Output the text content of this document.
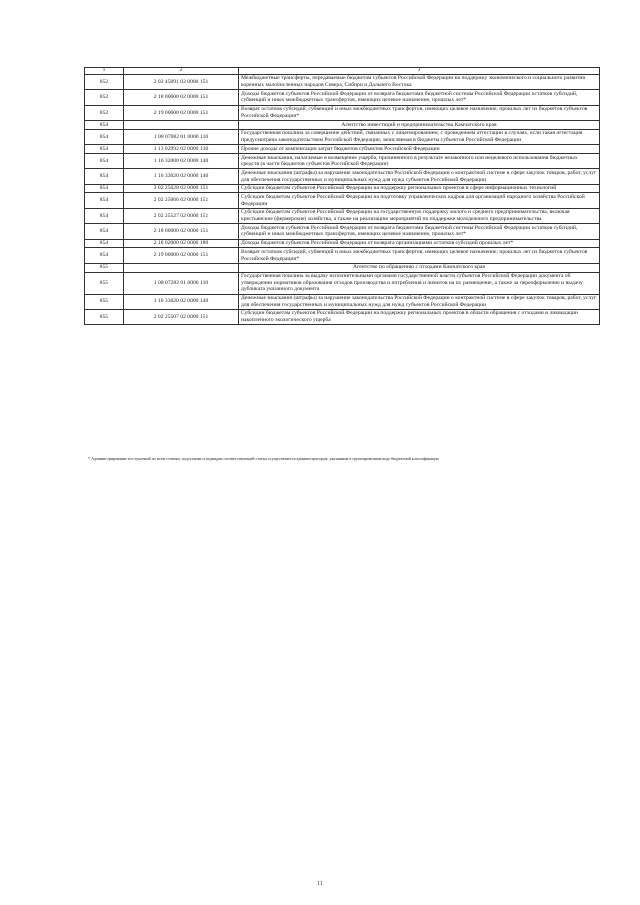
1	2	3
852	2 02 45091 02 0000 151	Межбюджетные трансферты, передаваемые бюджетам субъектов Российской Федерации на поддержку экономического и социального развития коренных малочисленных народов Севера, Сибири и Дальнего Востока
852	2 18 00000 02 0000 151	Доходы бюджетов субъектов Российской Федерации от возврата бюджетами бюджетной системы Российской Федерации остатков субсидий, субвенций и иных межбюджетных трансфертов, имеющих целевое назначение, прошлых лет*
852	2 19 00000 02 0000 151	Возврат остатков субсидий, субвенций и иных межбюджетных трансфертов, имеющих целевое назначение, прошлых лет из бюджетов субъектов Российской Федерации*
854		Агентство инвестиций и предпринимательства Камчатского края
854	1 08 07082 01 0000 110	Государственная пошлина за совершение действий, связанных с лицензированием, с проведением аттестации в случаях, если такая аттестация предусмотрена законодательством Российской Федерации, зачисляемая в бюджеты субъектов Российской Федерации
854	1 13 02992 02 0000 130	Прочие доходы от компенсации затрат бюджетов субъектов Российской Федерации
854	1 16 32000 02 0000 140	Денежные взыскания, налагаемые в возмещение ущерба, причиненного в результате незаконного или нецелевого использования бюджетных средств (в части бюджетов субъектов Российской Федерации)
854	1 16 33020 02 0000 140	Денежные взыскания (штрафы) за нарушение законодательства Российской Федерации о контрактной системе в сфере закупок товаров, работ, услуг для обеспечения государственных и муниципальных нужд для нужд субъектов Российской Федерации
854	2 02 25028 02 0000 151	Субсидии бюджетам субъектов Российской Федерации на поддержку региональных проектов в сфере информационных технологий
854	2 02 25066 02 0000 151	Субсидии бюджетам субъектов Российской Федерации на подготовку управленческих кадров для организаций народного хозяйства Российской Федерации
854	2 02 25527 02 0000 151	Субсидии бюджетам субъектов Российской Федерации на государственную поддержку малого и среднего предпринимательства, включая крестьянские (фермерские) хозяйства, а также на реализацию мероприятий по поддержке молодежного предпринимательства
854	2 18 00000 02 0000 151	Доходы бюджетов субъектов Российской Федерации от возврата бюджетами бюджетной системы Российской Федерации остатков субсидий, субвенций и иных межбюджетных трансфертов, имеющих целевое назначение, прошлых лет*
854	2 18 02000 02 0000 180	Доходы бюджетов субъектов Российской Федерации от возврата организациями остатков субсидий прошлых лет*
854	2 19 00000 02 0000 151	Возврат остатков субсидий, субвенций и иных межбюджетных трансфертов, имеющих целевое назначение, прошлых лет из бюджетов субъектов Российской Федерации*
855		Агентство по обращению с отходами Камчатского края
855	1 08 07282 01 0000 110	Государственная пошлина за выдачу исполнительными органами государственной власти субъектов Российской Федерации документа об утверждении нормативов образования отходов производства и потребления и лимитов на их размещение, а также за переоформление и выдачу дубликата указанного документа
855	1 16 33020 02 0000 140	Денежные взыскания (штрафы) за нарушение законодательства Российской Федерации о контрактной системе в сфере закупок товаров, работ, услуг для обеспечения государственных и муниципальных нужд для нужд субъектов Российской Федерации
855	2 02 25507 02 0000 151	Субсидии бюджетам субъектов Российской Федерации на поддержку региональных проектов в области обращения с отходами и ликвидации накопленного экологического ущерба
* Администрирование поступлений по всем статьям, подстатьям и подвидам соответствующей статьи осуществляется администратором, указанным в группировочном коде бюджетной классификации
11
